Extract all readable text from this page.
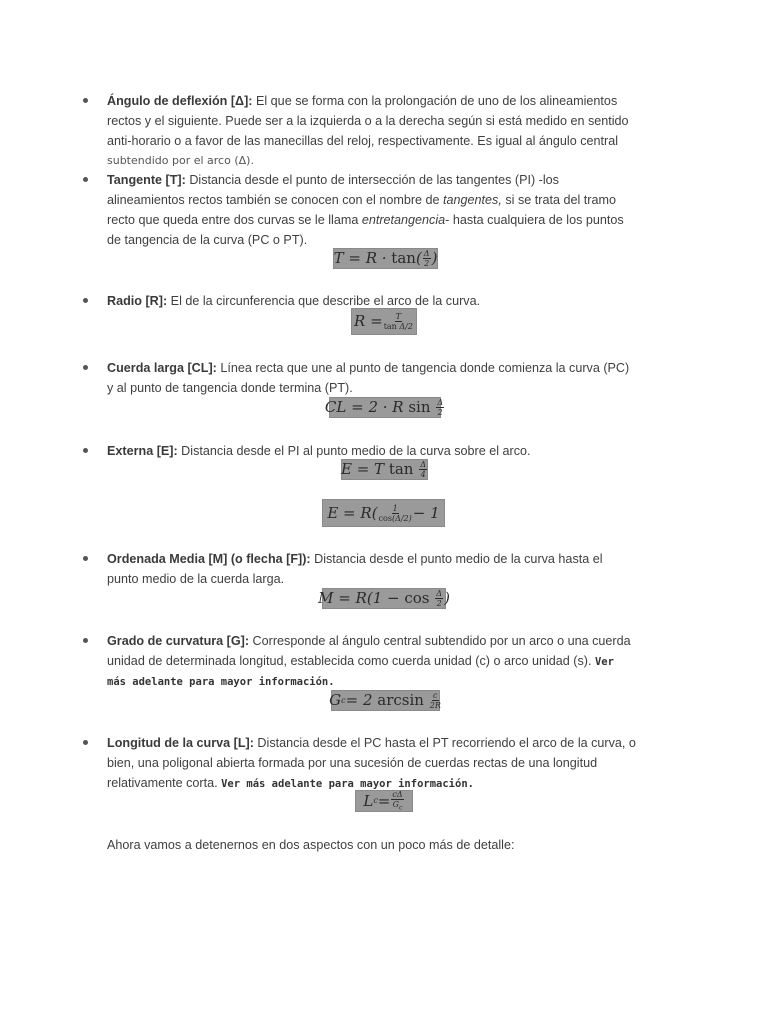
Ángulo de deflexión [Δ]: El que se forma con la prolongación de uno de los alineamientos
rectos y el siguiente. Puede ser a la izquierda o a la derecha según si está medido en sentido
anti-horario o a favor de las manecillas del reloj, respectivamente. Es igual al ángulo central
subtendido por el arco (Δ).
Tangente [T]: Distancia desde el punto de intersección de las tangentes (PI) -los
alineamientos rectos también se conocen con el nombre de tangentes, si se trata del tramo
recto que queda entre dos curvas se le llama entretangencia- hasta cualquiera de los puntos
de tangencia de la curva (PC o PT).
T = R · tan ( $\frac{\Delta}{2}$ )
Radio [R]: El de la circunferencia que describe el arco de la curva.
$R = \frac{T}{\text{tan Δ/2}}$
Cuerda larga [CL]: Línea recta que une al punto de tangencia donde comienza la curva (PC)
y al punto de tangencia donde termina (PT).
CL = 2 · R sin
$\frac{\Delta}{2}$
Externa [E]: Distancia desde el PI al punto medio de la curva sobre el arco.
E = T tan
$\frac{\Delta}{4}$
$E = R( \frac{1}{\cos(\Delta/2)} - 1$
Ordenada Media [M] (o flecha [F]): Distancia desde el punto medio de la curva hasta el
punto medio de la cuerda larga.
M = R(1 − cos
$\frac{\Delta}{2}$ )
Grado de curvatura [G]: Corresponde al ángulo central subtendido por un arco o una cuerda
unidad de determinada longitud, establecida como cuerda unidad (c) o arco unidad (s). Ver
más adelante para mayor información.
G c = 2 arcsin
$\frac{c}{2R}$
Longitud de la curva [L]: Distancia desde el PC hasta el PT recorriendo el arco de la curva, o
bien, una poligonal abierta formada por una sucesión de cuerdas rectas de una longitud
relativamente corta. Ver más adelante para mayor información.
L $c = \frac{c\Delta}{G_c}$
Ahora vamos a detenernos en dos aspectos con un poco más de detalle:
